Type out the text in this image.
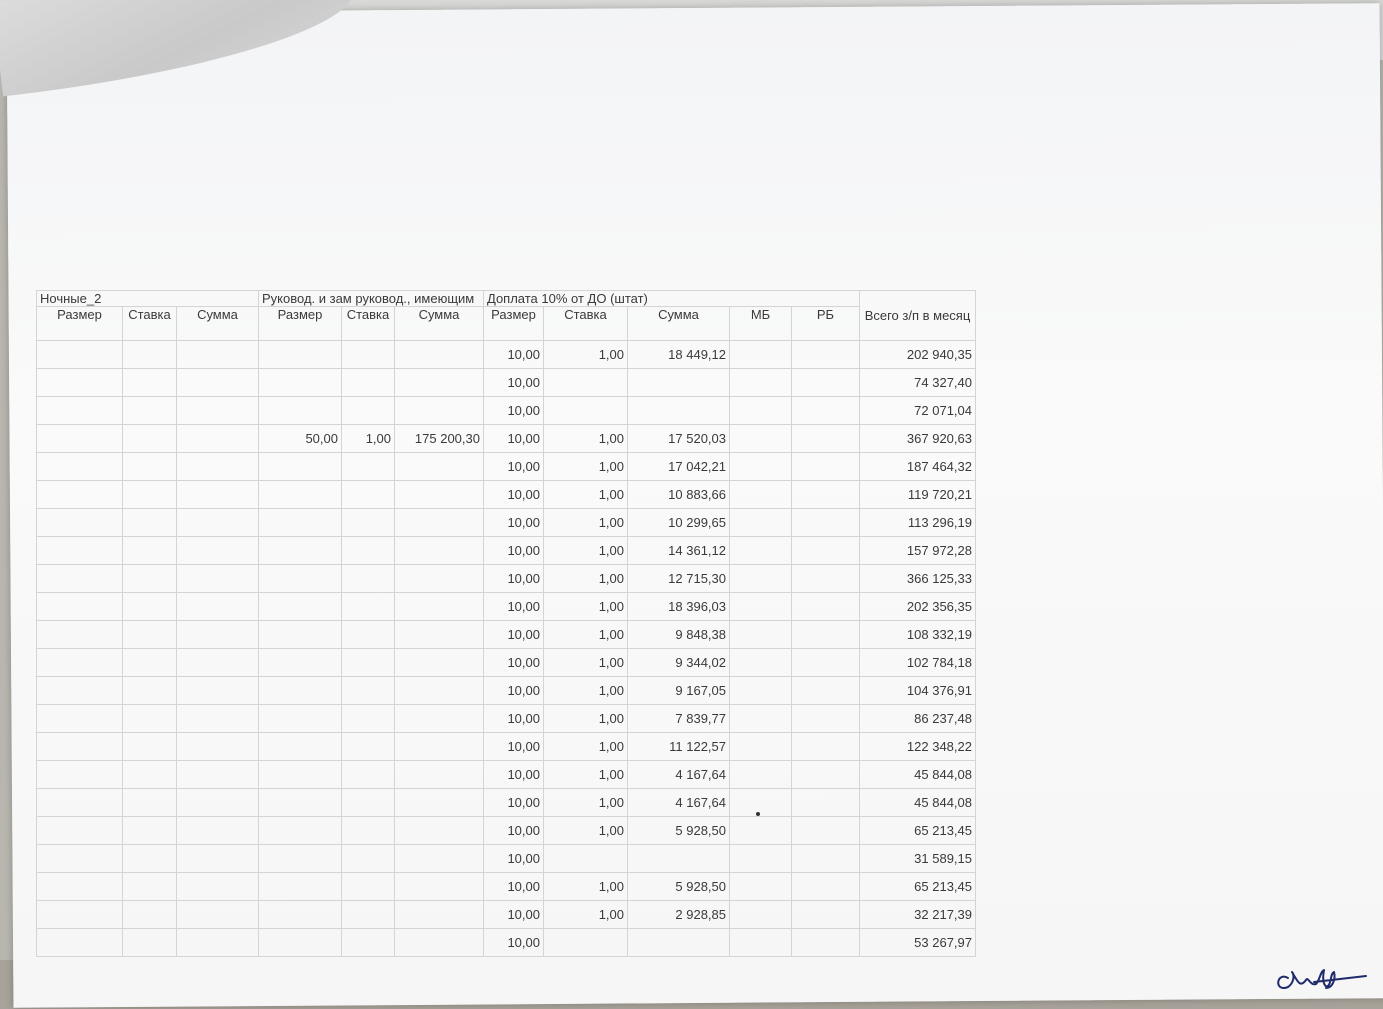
Ночные_2			Руковод. и зам руковод., имеющим			Доплата 10% от ДО (штат)					Всего з/п в месяц
Размер	Ставка	Сумма	Размер	Ставка	Сумма	Размер	Ставка	Сумма	МБ	РБ	
						10,00	1,00	18 449,12			202 940,35
						10,00					74 327,40
						10,00					72 071,04
			50,00	1,00	175 200,30	10,00	1,00	17 520,03			367 920,63
						10,00	1,00	17 042,21			187 464,32
						10,00	1,00	10 883,66			119 720,21
						10,00	1,00	10 299,65			113 296,19
						10,00	1,00	14 361,12			157 972,28
						10,00	1,00	12 715,30			366 125,33
						10,00	1,00	18 396,03			202 356,35
						10,00	1,00	9 848,38			108 332,19
						10,00	1,00	9 344,02			102 784,18
						10,00	1,00	9 167,05			104 376,91
						10,00	1,00	7 839,77			86 237,48
						10,00	1,00	11 122,57			122 348,22
						10,00	1,00	4 167,64			45 844,08
						10,00	1,00	4 167,64			45 844,08
						10,00	1,00	5 928,50			65 213,45
						10,00					31 589,15
						10,00	1,00	5 928,50			65 213,45
						10,00	1,00	2 928,85			32 217,39
						10,00					53 267,97
